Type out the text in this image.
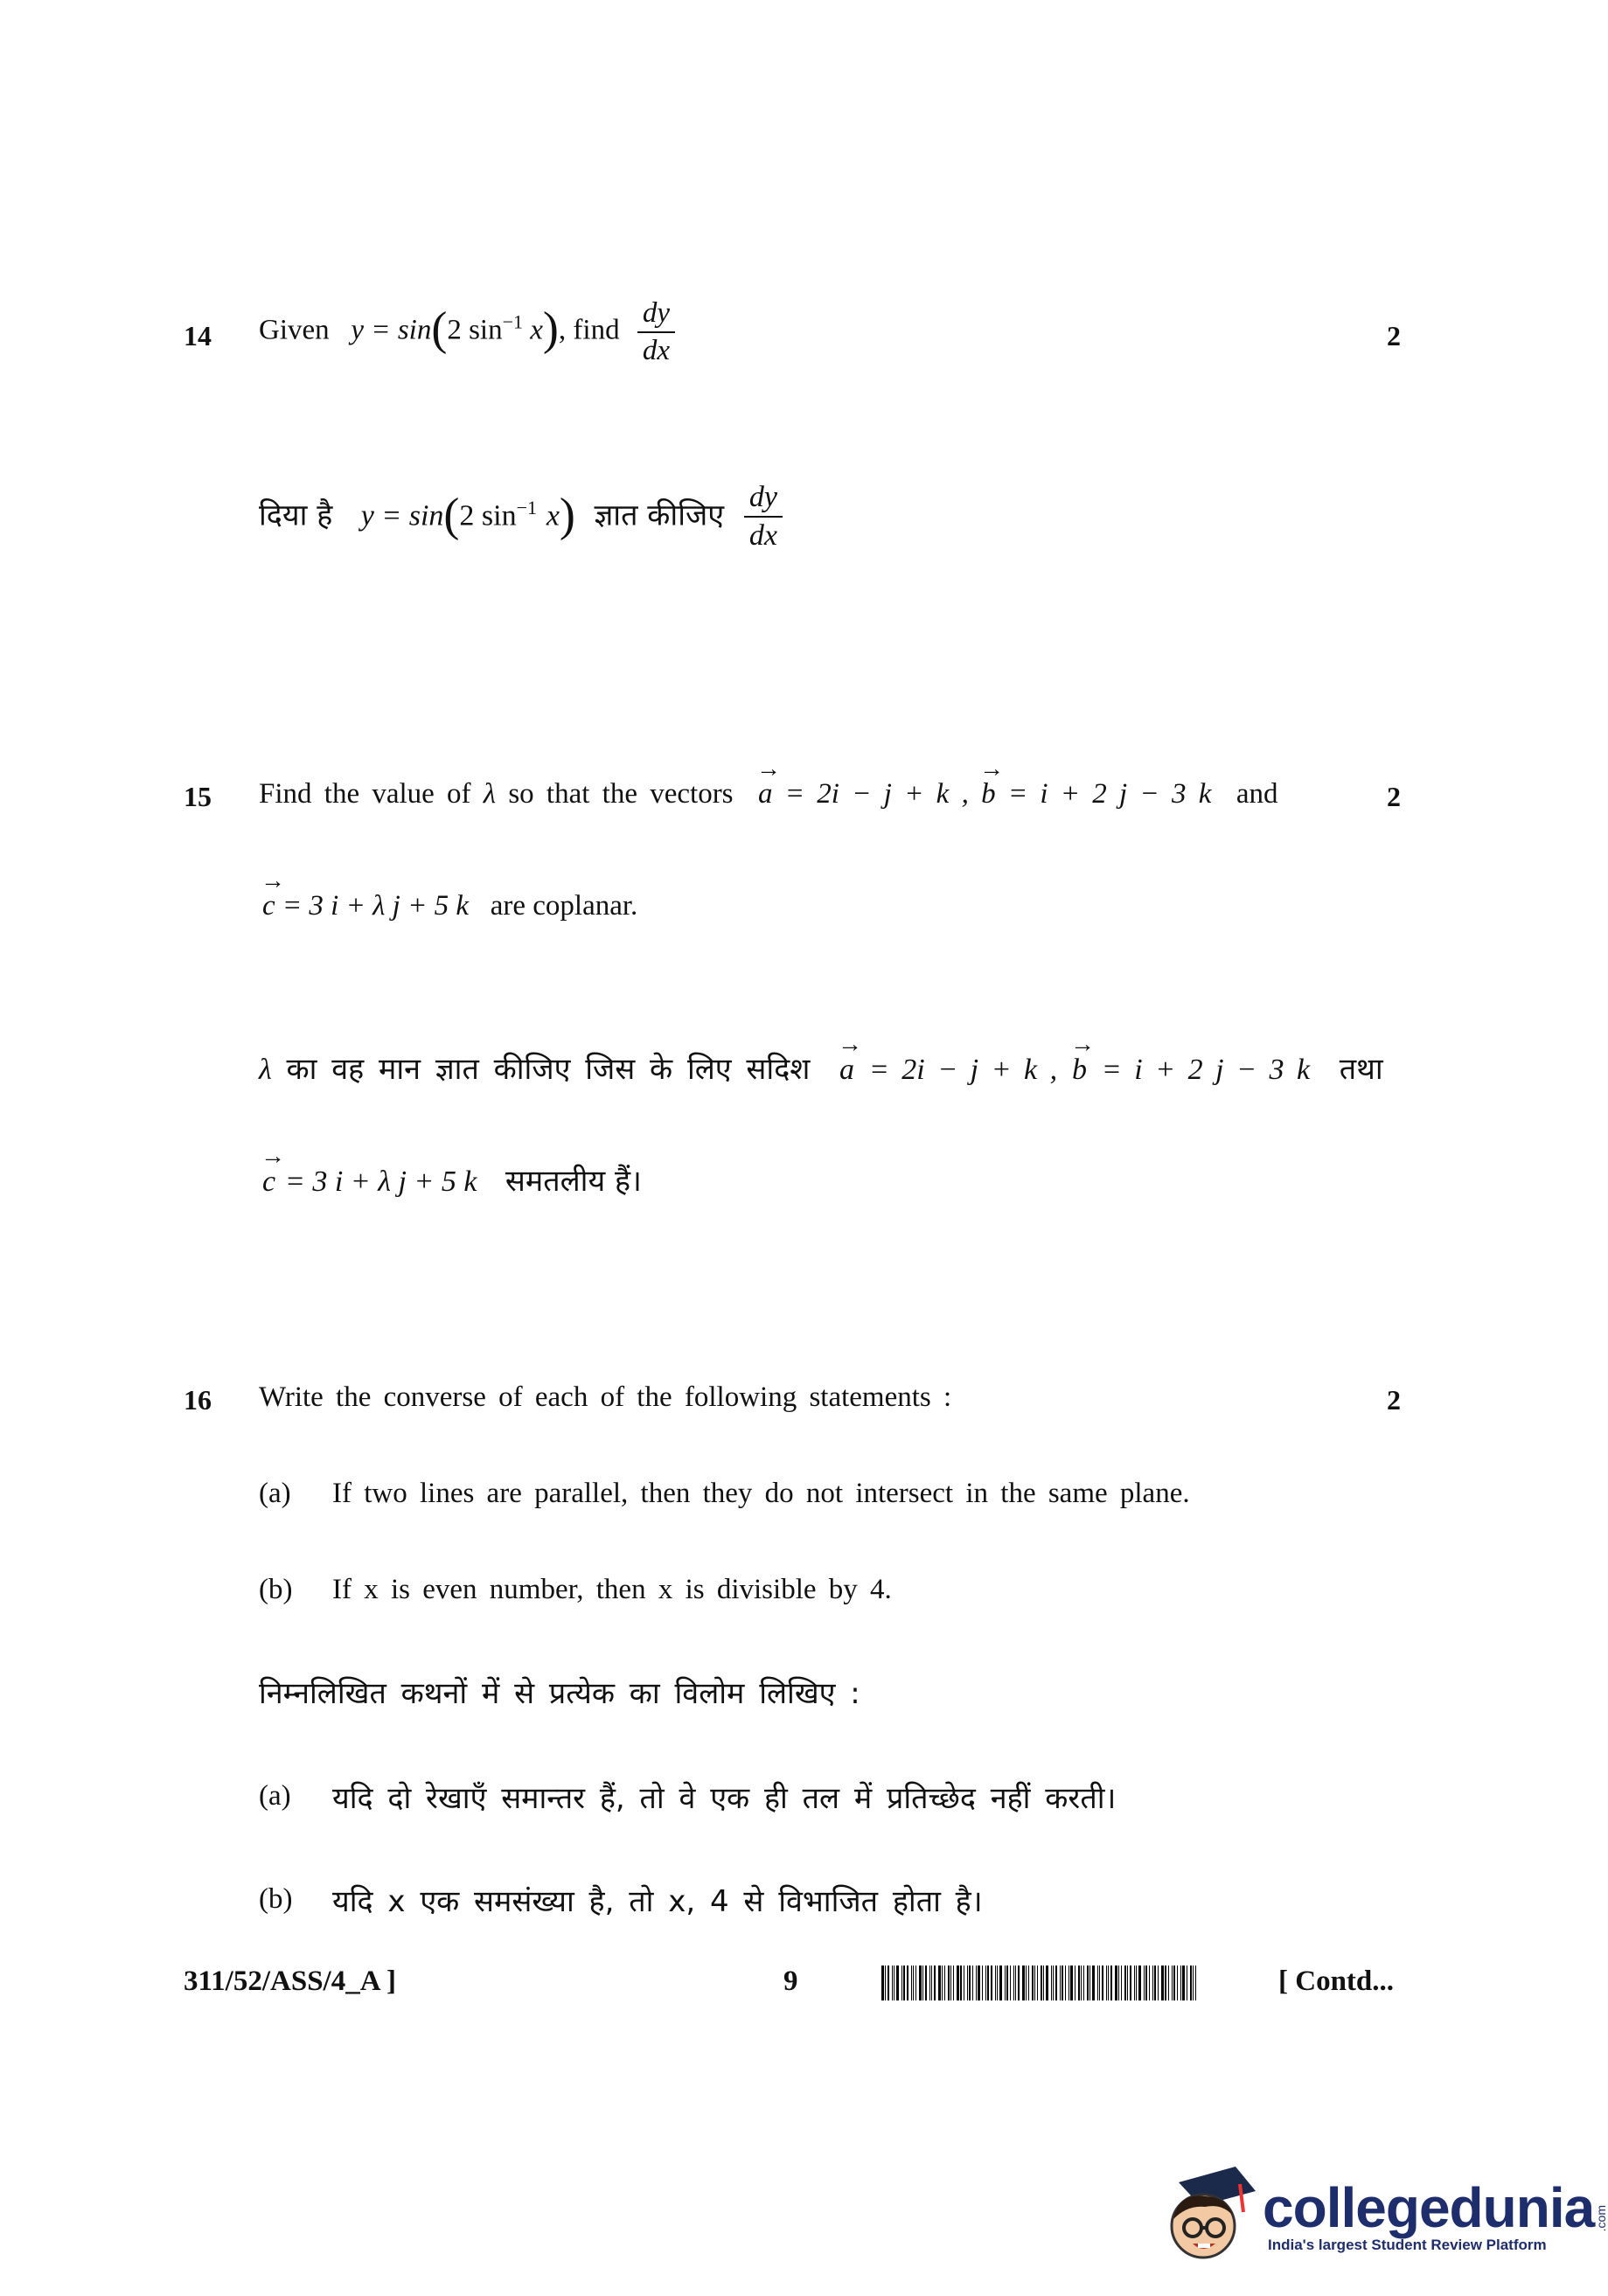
14 Given y = sin(2 $\sin^{-1} x$), find $\frac{dy}{dx}$	2
दिया है y = sin(2 $\sin^{-1} x$) ज्ञात कीजिए $\frac{dy}{dx}$
15 Find the value of λ so that the vectors → a = 2i − j + k , → b = i + 2 j − 3 k and	2
→ c = 3 i + λ j + 5 k are coplanar.
λ का वह मान ज्ञात कीजिए जिस के लिए सदिश → a = 2i − j + k , → b = i + 2 j − 3 k तथा
→ c = 3 i + λ j + 5 k समतलीय हैं।
16 Write the converse of each of the following statements :	2
(a) If two lines are parallel, then they do not intersect in the same plane.
(b) If x is even number, then x is divisible by 4.
निम्नलिखित कथनों में से प्रत्येक का विलोम लिखिए :
(a) यदि दो रेखाएँ समान्तर हैं, तो वे एक ही तल में प्रतिच्छेद नहीं करती।
(b) यदि x एक समसंख्या है, तो x, 4 से विभाजित होता है।
311/52/ASS/4_A ]	9	[ Contd...
collegedunia .com
India's largest Student Review Platform
